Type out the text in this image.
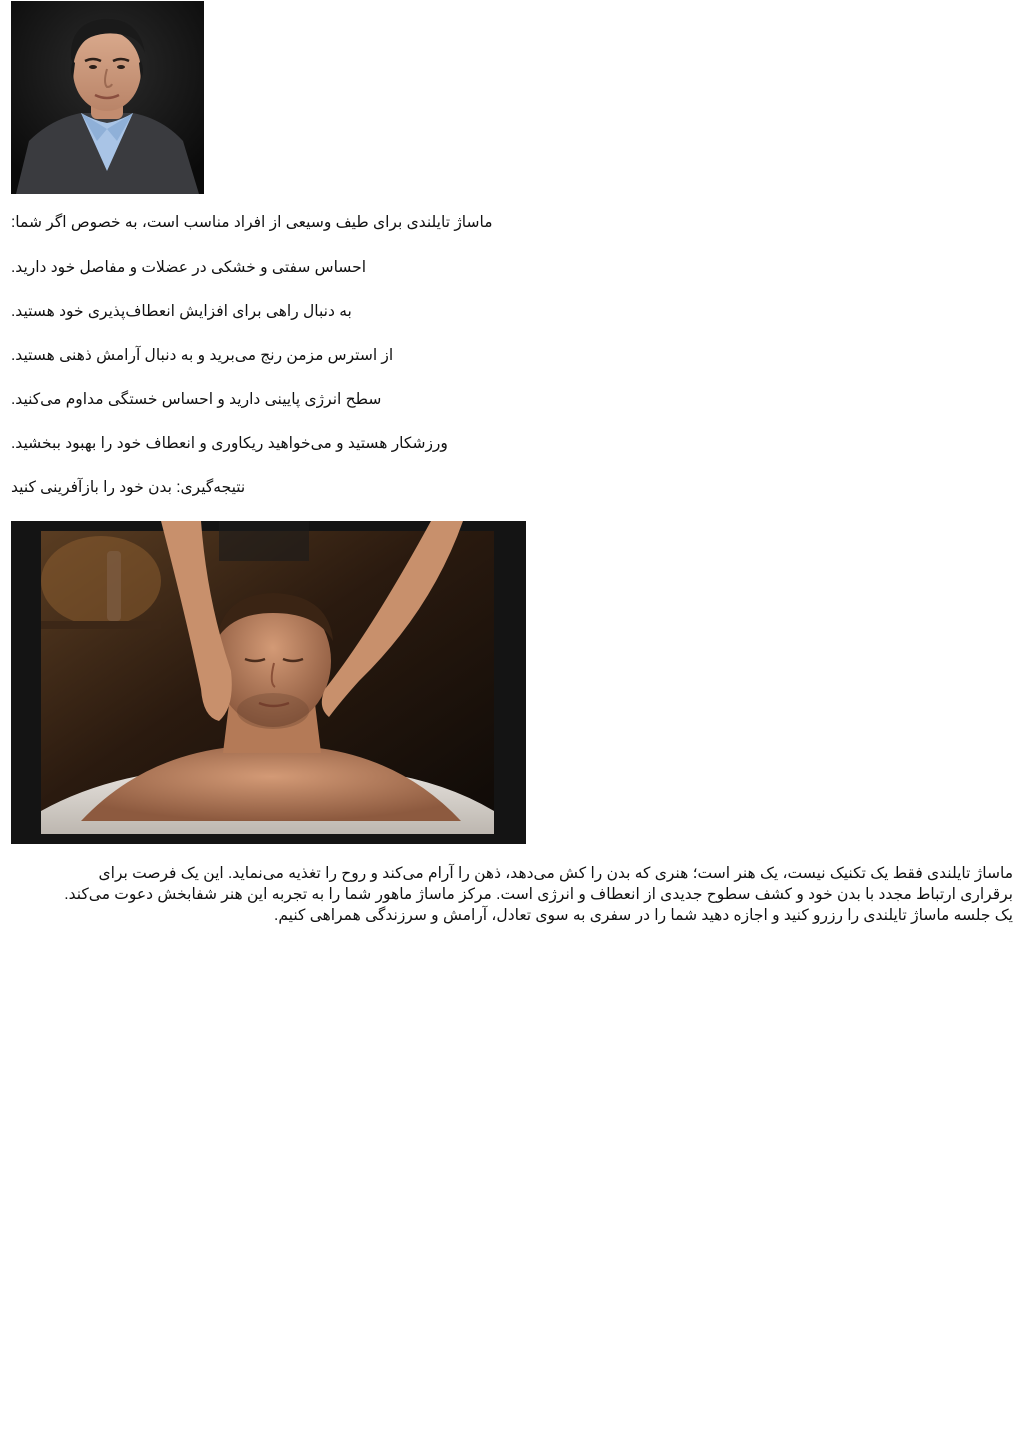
ماساژ تایلندی برای طیف وسیعی از افراد مناسب است، به خصوص اگر شما:
احساس سفتی و خشکی در عضلات و مفاصل خود دارید.
به دنبال راهی برای افزایش انعطاف‌پذیری خود هستید.
از استرس مزمن رنج می‌برید و به دنبال آرامش ذهنی هستید.
سطح انرژی پایینی دارید و احساس خستگی مداوم می‌کنید.
ورزشکار هستید و می‌خواهید ریکاوری و انعطاف خود را بهبود ببخشید.
نتیجه‌گیری: بدن خود را بازآفرینی کنید
ماساژ تایلندی فقط یک تکنیک نیست، یک هنر است؛ هنری که بدن را کش می‌دهد، ذهن را آرام می‌کند و روح را تغذیه می‌نماید. این یک فرصت برای
برقراری ارتباط مجدد با بدن خود و کشف سطوح جدیدی از انعطاف و انرژی است. مرکز ماساژ ماهور شما را به تجربه این هنر شفابخش دعوت می‌کند.
یک جلسه ماساژ تایلندی را رزرو کنید و اجازه دهید شما را در سفری به سوی تعادل، آرامش و سرزندگی همراهی کنیم.
